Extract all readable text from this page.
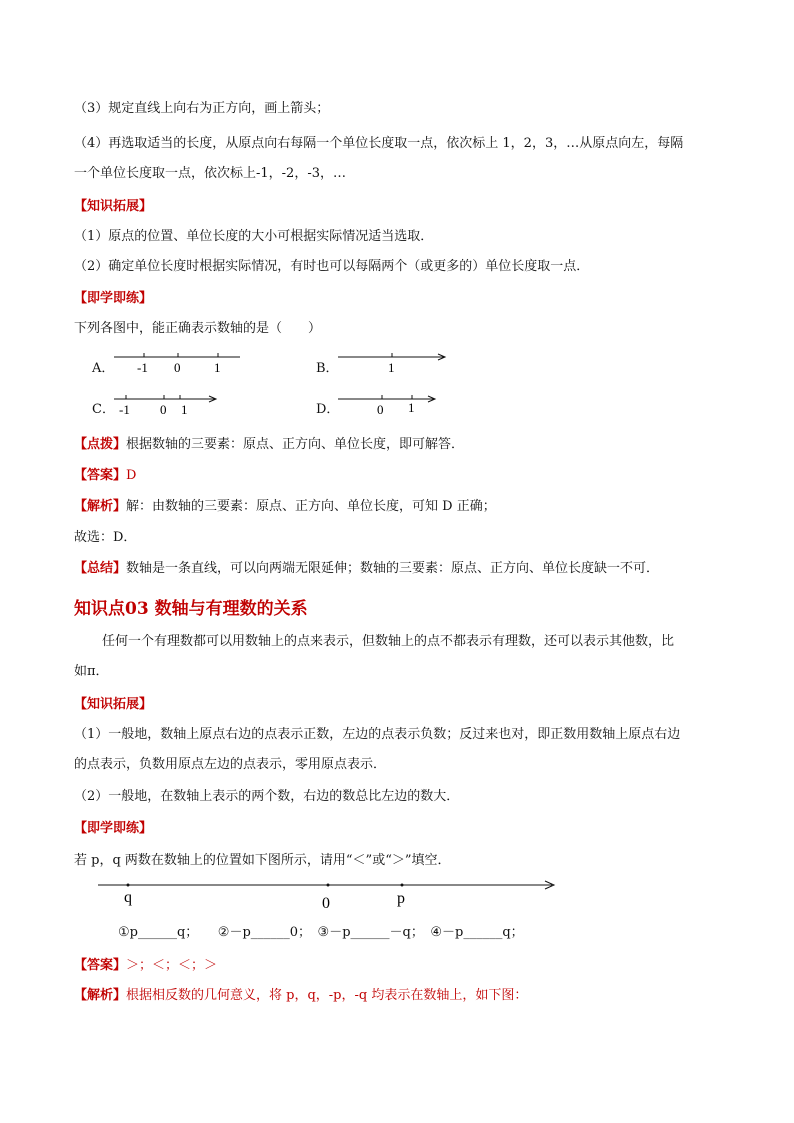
（3）规定直线上向右为正方向，画上箭头；
（4）再选取适当的长度，从原点向右每隔一个单位长度取一点，依次标上 1，2，3，…从原点向左，每隔
一个单位长度取一点，依次标上-1，-2，-3，…
【知识拓展】
（1）原点的位置、单位长度的大小可根据实际情况适当选取．
（2）确定单位长度时根据实际情况，有时也可以每隔两个（或更多的）单位长度取一点．
【即学即练】
下列各图中，能正确表示数轴的是（　　）
A． -1 0	1	B．	1
C． -1 0 1	D．	0 1
【点拨】根据数轴的三要素：原点、正方向、单位长度，即可解答．
【答案】D
【解析】解：由数轴的三要素：原点、正方向、单位长度，可知 D 正确；
故选：D．
【总结】数轴是一条直线，可以向两端无限延伸；数轴的三要素：原点、正方向、单位长度缺一不可．
知识点03 数轴与有理数的关系
任何一个有理数都可以用数轴上的点来表示，但数轴上的点不都表示有理数，还可以表示其他数，比
如π．
【知识拓展】
（1）一般地，数轴上原点右边的点表示正数，左边的点表示负数；反过来也对，即正数用数轴上原点右边
的点表示，负数用原点左边的点表示，零用原点表示．
（2）一般地，在数轴上表示的两个数，右边的数总比左边的数大．
【即学即练】
若 p，q 两数在数轴上的位置如下图所示，请用“＜”或“＞”填空．
q	0	p
①p______q；　　②－p______0；　③－p______－q；　④－p______q；
【答案】＞；＜；＜；＞
【解析】根据相反数的几何意义，将 p，q，-p，-q 均表示在数轴上，如下图：
